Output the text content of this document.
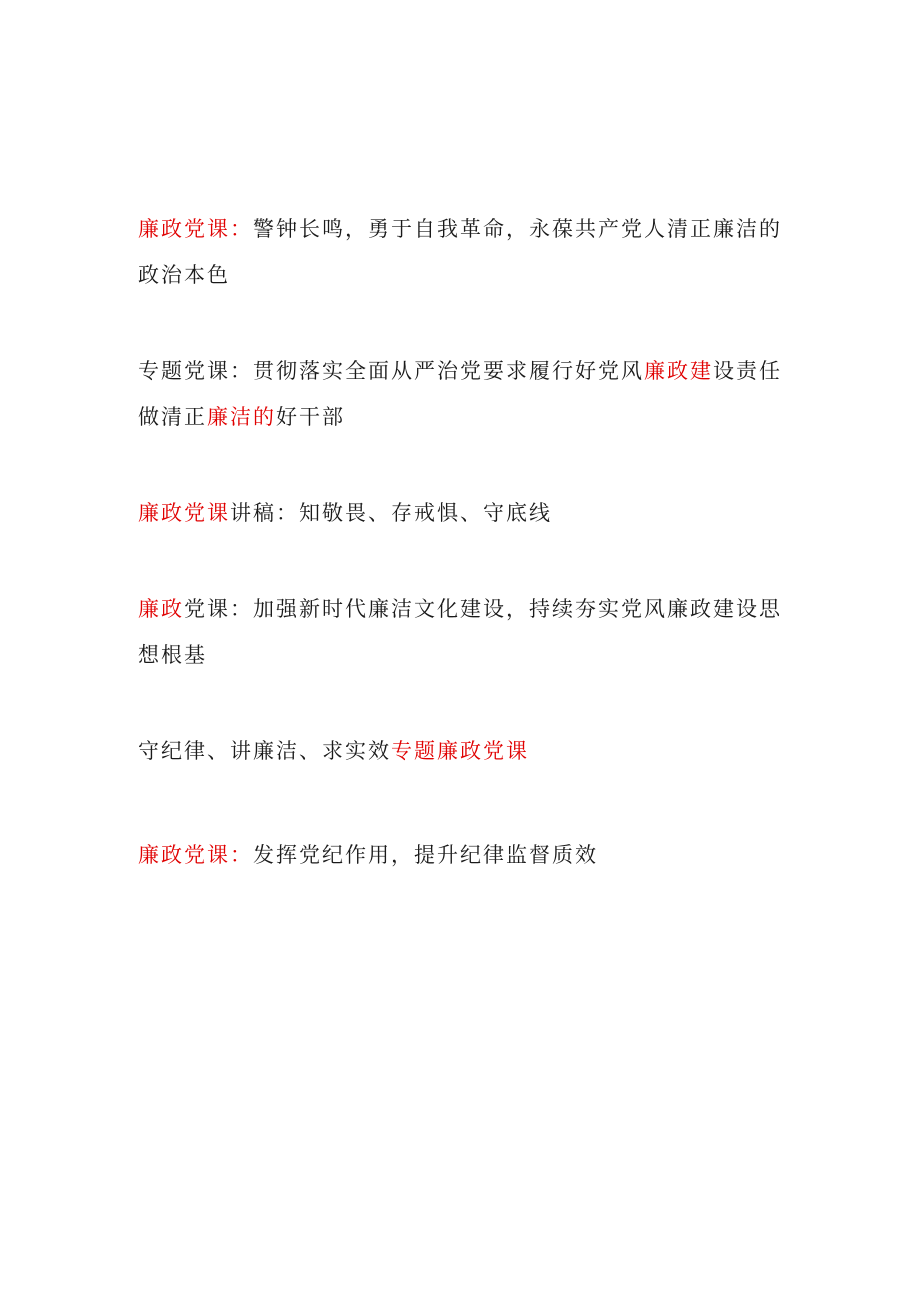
廉政党课：警钟长鸣，勇于自我革命，永葆共产党人清正廉洁的政治本色

专题党课：贯彻落实全面从严治党要求履行好党风廉政建设责任做清正廉洁的好干部

廉政党课讲稿：知敬畏、存戒惧、守底线

廉政党课：加强新时代廉洁文化建设，持续夯实党风廉政建设思想根基

守纪律、讲廉洁、求实效专题廉政党课

廉政党课：发挥党纪作用，提升纪律监督质效
